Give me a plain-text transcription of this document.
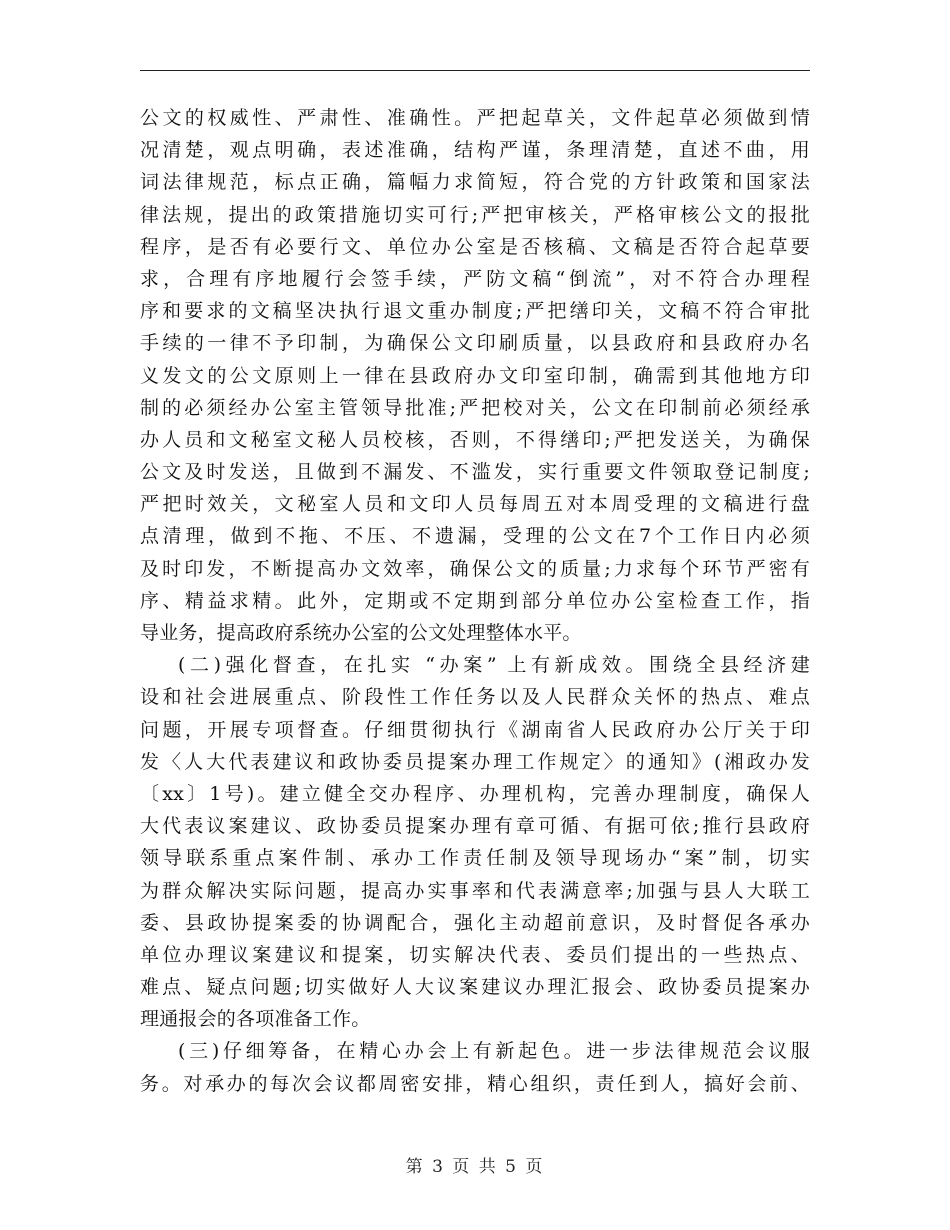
公文的权威性、严肃性、准确性。严把起草关，文件起草必须做到情
况清楚，观点明确，表述准确，结构严谨，条理清楚，直述不曲，用
词法律规范，标点正确，篇幅力求简短，符合党的方针政策和国家法
律法规，提出的政策措施切实可行;严把审核关，严格审核公文的报批
程序，是否有必要行文、单位办公室是否核稿、文稿是否符合起草要
求，合理有序地履行会签手续，严防文稿“倒流”，对不符合办理程
序和要求的文稿坚决执行退文重办制度;严把缮印关，文稿不符合审批
手续的一律不予印制，为确保公文印刷质量，以县政府和县政府办名
义发文的公文原则上一律在县政府办文印室印制，确需到其他地方印
制的必须经办公室主管领导批准;严把校对关，公文在印制前必须经承
办人员和文秘室文秘人员校核，否则，不得缮印;严把发送关，为确保
公文及时发送，且做到不漏发、不滥发，实行重要文件领取登记制度;
严把时效关，文秘室人员和文印人员每周五对本周受理的文稿进行盘
点清理，做到不拖、不压、不遗漏，受理的公文在7个工作日内必须
及时印发，不断提高办文效率，确保公文的质量;力求每个环节严密有
序、精益求精。此外，定期或不定期到部分单位办公室检查工作，指
导业务，提高政府系统办公室的公文处理整体水平。
(二)强化督查，在扎实 “办案” 上有新成效。围绕全县经济建
设和社会进展重点、阶段性工作任务以及人民群众关怀的热点、难点
问题，开展专项督查。仔细贯彻执行《湖南省人民政府办公厅关于印
发〈人大代表建议和政协委员提案办理工作规定〉的通知》(湘政办发
〔xx〕1号)。建立健全交办程序、办理机构，完善办理制度，确保人
大代表议案建议、政协委员提案办理有章可循、有据可依;推行县政府
领导联系重点案件制、承办工作责任制及领导现场办“案”制，切实
为群众解决实际问题，提高办实事率和代表满意率;加强与县人大联工
委、县政协提案委的协调配合，强化主动超前意识，及时督促各承办
单位办理议案建议和提案，切实解决代表、委员们提出的一些热点、
难点、疑点问题;切实做好人大议案建议办理汇报会、政协委员提案办
理通报会的各项准备工作。
(三)仔细筹备，在精心办会上有新起色。进一步法律规范会议服
务。对承办的每次会议都周密安排，精心组织，责任到人，搞好会前、
第 3 页 共 5 页
